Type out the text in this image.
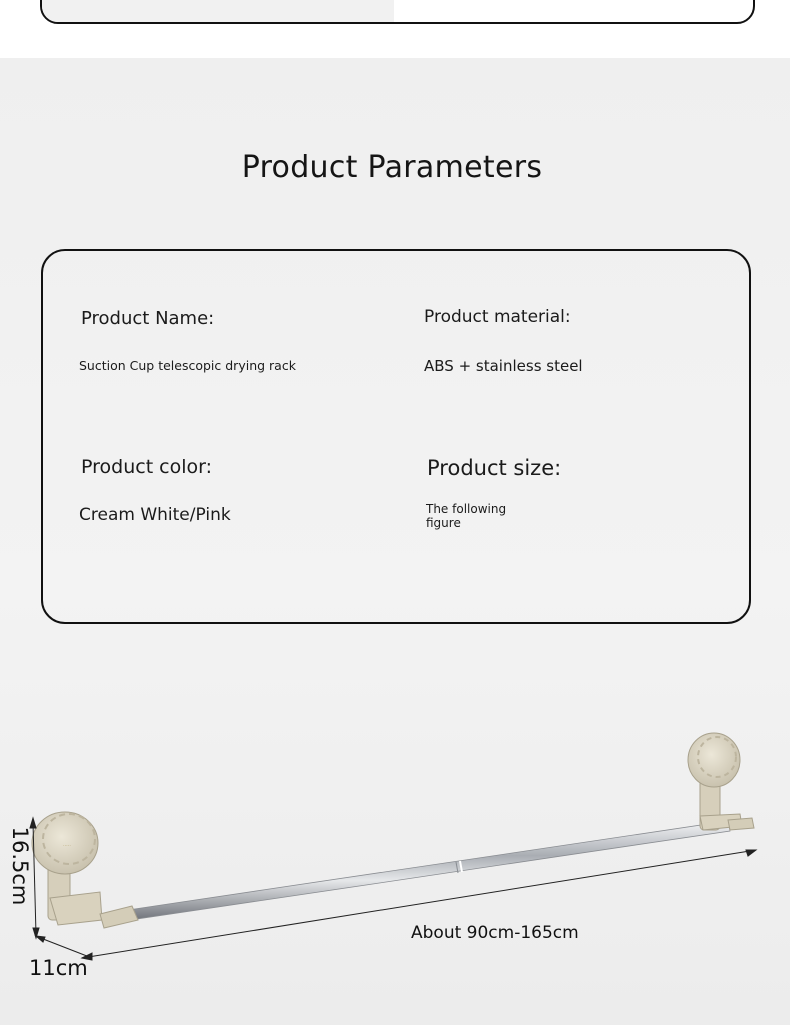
Product Parameters
Product Name:
Suction Cup telescopic drying rack
Product material:
ABS + stainless steel
Product color:
Cream White/Pink
Product size:
The following figure
·····
About 90cm-165cm
16.5cm
11cm
